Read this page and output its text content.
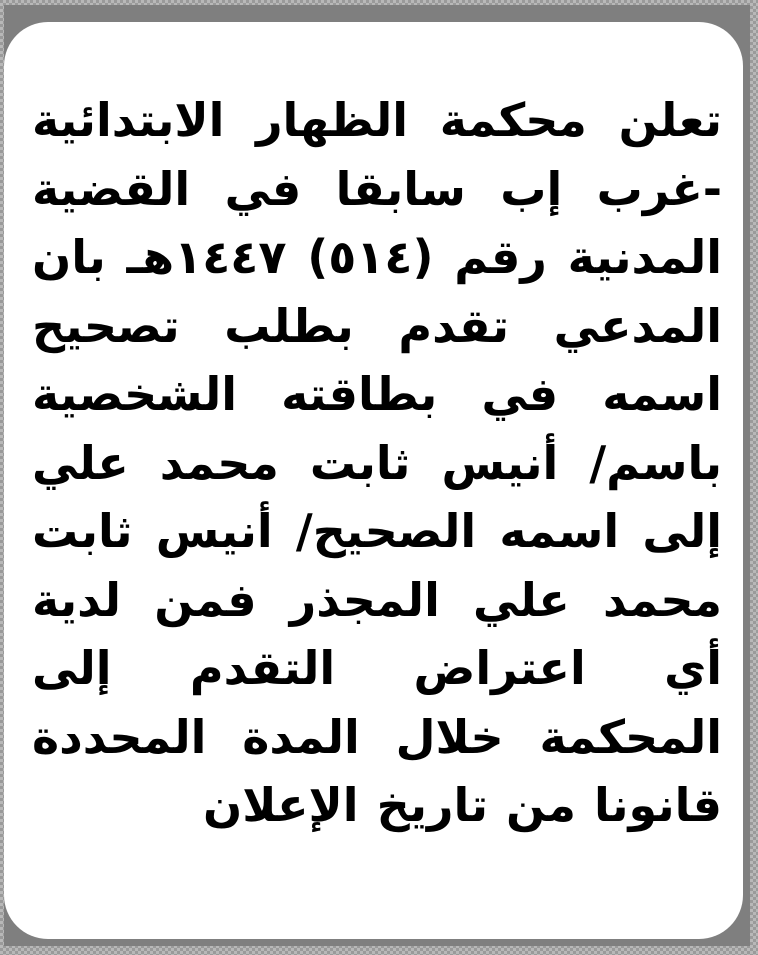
تعلن محكمة الظهار الابتدائية -غرب إب سابقا في القضية المدنية رقم (٥١٤) ١٤٤٧هـ بان المدعي تقدم بطلب تصحيح اسمه في بطاقته الشخصية باسم/ أنيس ثابت محمد علي إلى اسمه الصحيح/ أنيس ثابت محمد علي المجذر فمن لدية أي اعتراض التقدم إلى المحكمة خلال المدة المحددة قانونا من تاريخ الإعلان
